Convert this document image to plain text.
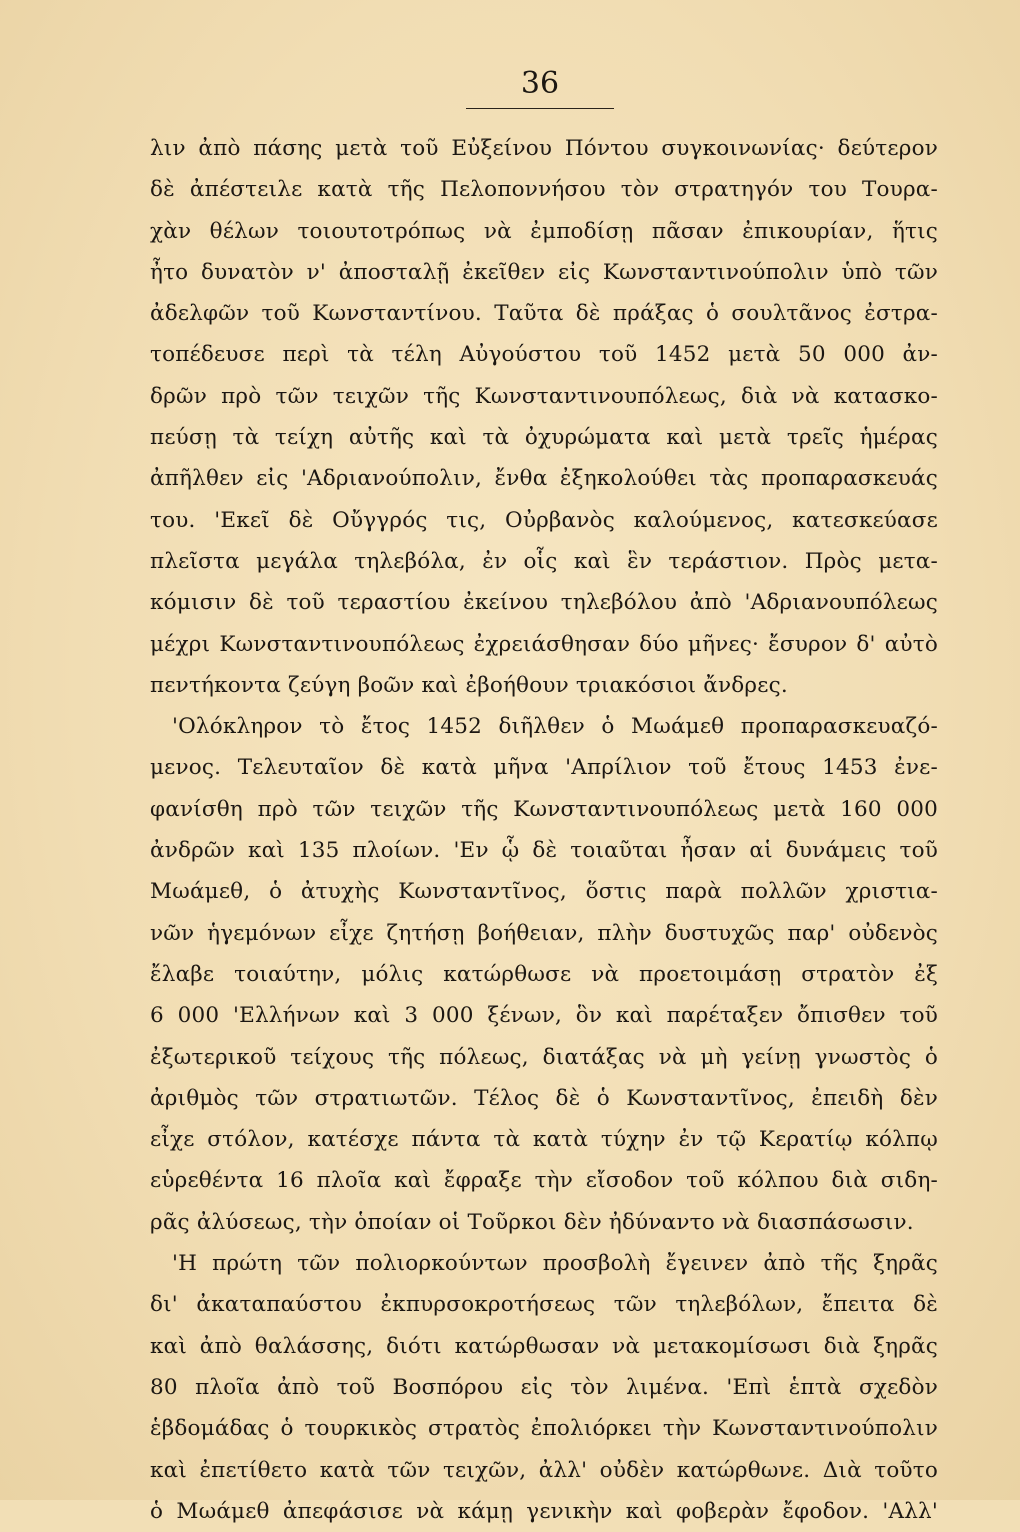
36
λιν ἀπὸ πάσης μετὰ τοῦ Εὐξείνου Πόντου συγκοινωνίας· δεύτερον
δὲ ἀπέστειλε κατὰ τῆς Πελοποννήσου τὸν στρατηγόν του Τουρα-
χὰν θέλων τοιουτοτρόπως νὰ ἐμποδίσῃ πᾶσαν ἐπικουρίαν, ἥτις
ἦτο δυνατὸν ν' ἀποσταλῇ ἐκεῖθεν εἰς Κωνσταντινούπολιν ὑπὸ τῶν
ἀδελφῶν τοῦ Κωνσταντίνου. Ταῦτα δὲ πράξας ὁ σουλτᾶνος ἐστρα-
τοπέδευσε περὶ τὰ τέλη Αὐγούστου τοῦ 1452 μετὰ 50 000 ἀν-
δρῶν πρὸ τῶν τειχῶν τῆς Κωνσταντινουπόλεως, διὰ νὰ κατασκο-
πεύσῃ τὰ τείχη αὐτῆς καὶ τὰ ὀχυρώματα καὶ μετὰ τρεῖς ἡμέρας
ἀπῆλθεν εἰς 'Αδριανούπολιν, ἔνθα ἐξηκολούθει τὰς προπαρασκευάς
του. 'Εκεῖ δὲ Οὔγγρός τις, Οὐρβανὸς καλούμενος, κατεσκεύασε
πλεῖστα μεγάλα τηλεβόλα, ἐν οἷς καὶ ἓν τεράστιον. Πρὸς μετα-
κόμισιν δὲ τοῦ τεραστίου ἐκείνου τηλεβόλου ἀπὸ 'Αδριανουπόλεως
μέχρι Κωνσταντινουπόλεως ἐχρειάσθησαν δύο μῆνες· ἔσυρον δ' αὐτὸ
πεντήκοντα ζεύγη βοῶν καὶ ἐβοήθουν τριακόσιοι ἄνδρες.
'Ολόκληρον τὸ ἔτος 1452 διῆλθεν ὁ Μωάμεθ προπαρασκευαζό-
μενος. Τελευταῖον δὲ κατὰ μῆνα 'Απρίλιον τοῦ ἔτους 1453 ἐνε-
φανίσθη πρὸ τῶν τειχῶν τῆς Κωνσταντινουπόλεως μετὰ 160 000
ἀνδρῶν καὶ 135 πλοίων. 'Εν ᾧ δὲ τοιαῦται ἦσαν αἱ δυνάμεις τοῦ
Μωάμεθ, ὁ ἀτυχὴς Κωνσταντῖνος, ὅστις παρὰ πολλῶν χριστια-
νῶν ἡγεμόνων εἶχε ζητήσῃ βοήθειαν, πλὴν δυστυχῶς παρ' οὐδενὸς
ἔλαβε τοιαύτην, μόλις κατώρθωσε νὰ προετοιμάσῃ στρατὸν ἐξ
6 000 'Ελλήνων καὶ 3 000 ξένων, ὃν καὶ παρέταξεν ὄπισθεν τοῦ
ἐξωτερικοῦ τείχους τῆς πόλεως, διατάξας νὰ μὴ γείνῃ γνωστὸς ὁ
ἀριθμὸς τῶν στρατιωτῶν. Τέλος δὲ ὁ Κωνσταντῖνος, ἐπειδὴ δὲν
εἶχε στόλον, κατέσχε πάντα τὰ κατὰ τύχην ἐν τῷ Κερατίῳ κόλπῳ
εὑρεθέντα 16 πλοῖα καὶ ἔφραξε τὴν εἴσοδον τοῦ κόλπου διὰ σιδη-
ρᾶς ἀλύσεως, τὴν ὁποίαν οἱ Τοῦρκοι δὲν ἠδύναντο νὰ διασπάσωσιν.
'Η πρώτη τῶν πολιορκούντων προσβολὴ ἔγεινεν ἀπὸ τῆς ξηρᾶς
δι' ἀκαταπαύστου ἐκπυρσοκροτήσεως τῶν τηλεβόλων, ἔπειτα δὲ
καὶ ἀπὸ θαλάσσης, διότι κατώρθωσαν νὰ μετακομίσωσι διὰ ξηρᾶς
80 πλοῖα ἀπὸ τοῦ Βοσπόρου εἰς τὸν λιμένα. 'Επὶ ἑπτὰ σχεδὸν
ἑβδομάδας ὁ τουρκικὸς στρατὸς ἐπολιόρκει τὴν Κωνσταντινούπολιν
καὶ ἐπετίθετο κατὰ τῶν τειχῶν, ἀλλ' οὐδὲν κατώρθωνε. Διὰ τοῦτο
ὁ Μωάμεθ ἀπεφάσισε νὰ κάμῃ γενικὴν καὶ φοβερὰν ἔφοδον. 'Αλλ'
